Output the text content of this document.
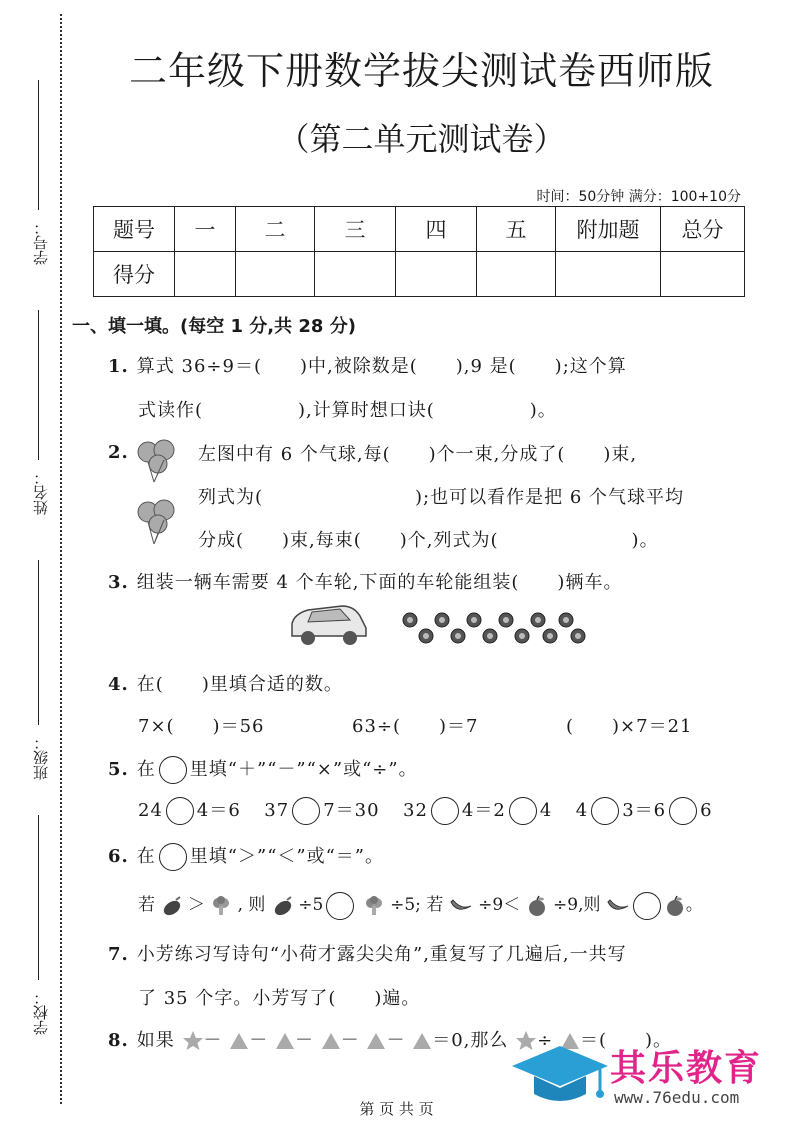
学号：
姓名：
班级：
学校：
二年级下册数学拔尖测试卷西师版
（第二单元测试卷）
时间：50分钟 满分：100+10分
题号	一	二	三	四	五	附加题	总分
得分							
一、填一填。(每空 1 分,共 28 分)
1. 算式 36÷9＝(　　)中,被除数是(　　),9 是(　　);这个算
式读作(　　　　　),计算时想口诀(　　　　　)。
2.	左图中有 6 个气球,每(　　)个一束,分成了(　　)束,
列式为(　　　　　　　　);也可以看作是把 6 个气球平均
分成(　　)束,每束(　　)个,列式为(　　　　　　　)。
3. 组装一辆车需要 4 个车轮,下面的车轮能组装(　　)辆车。
4. 在(　　)里填合适的数。
7×(　　)＝56	63÷(　　)＝7	(　　)×7＝21
5. 在 里填“＋”“－”“×”或“÷”。
24 4＝6 37 7＝30 32 4＝2 4 4 3＝6 6
6. 在 里填“＞”“＜”或“＝”。
若 ＞ , 则 ÷5	÷5; 若 ÷9＜ ÷9,则	。
7. 小芳练习写诗句“小荷才露尖尖角”,重复写了几遍后,一共写
了 35 个字。小芳写了(　　)遍。
8. 如果 － － － － － ＝0,那么 ÷ ＝(　　)。
其乐教育
www.76edu.com
第 页 共 页
